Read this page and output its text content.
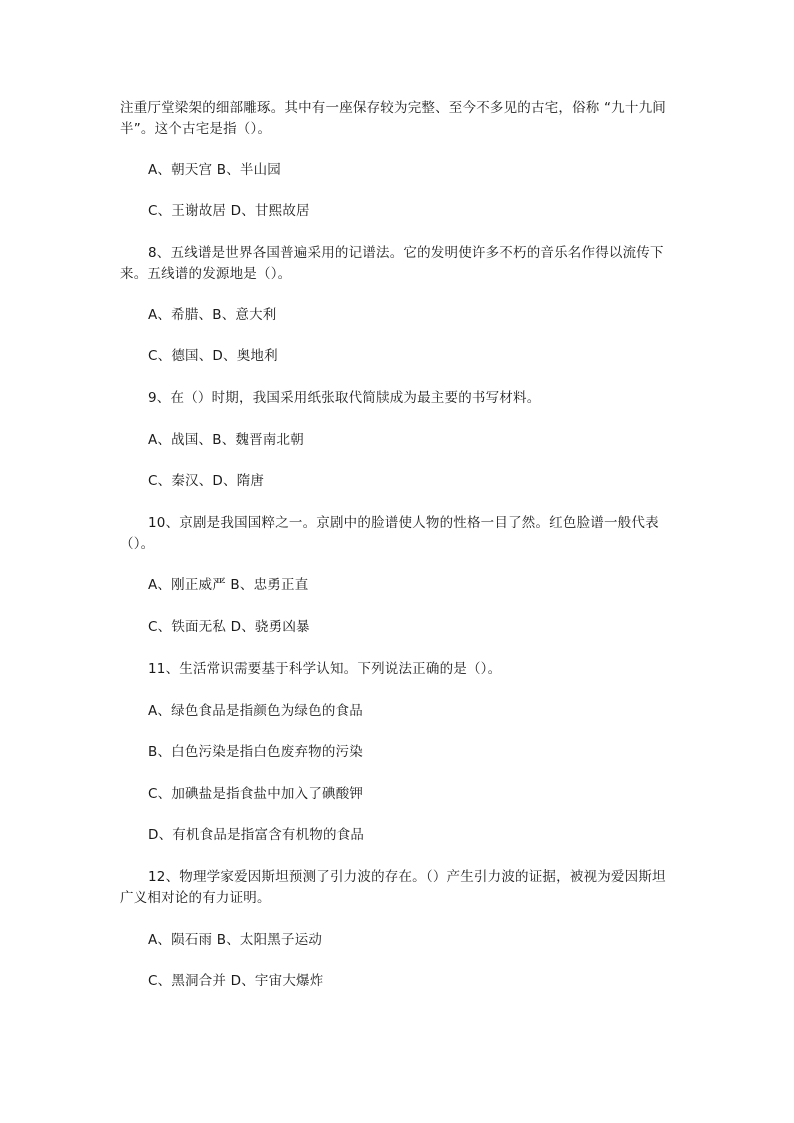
注重厅堂梁架的细部雕琢。其中有一座保存较为完整、至今不多见的古宅，俗称 “九十九间半”。这个古宅是指（）。
A、朝天宫 B、半山园
C、王谢故居 D、甘熙故居
8、五线谱是世界各国普遍采用的记谱法。它的发明使许多不朽的音乐名作得以流传下来。五线谱的发源地是（）。
A、希腊、B、意大利
C、德国、D、奥地利
9、在（）时期，我国采用纸张取代简牍成为最主要的书写材料。
A、战国、B、魏晋南北朝
C、秦汉、D、隋唐
10、京剧是我国国粹之一。京剧中的脸谱使人物的性格一目了然。红色脸谱一般代表（）。
A、刚正威严 B、忠勇正直
C、铁面无私 D、骁勇凶暴
11、生活常识需要基于科学认知。下列说法正确的是（）。
A、绿色食品是指颜色为绿色的食品
B、白色污染是指白色废弃物的污染
C、加碘盐是指食盐中加入了碘酸钾
D、有机食品是指富含有机物的食品
12、物理学家爱因斯坦预测了引力波的存在。（）产生引力波的证据，被视为爱因斯坦广义相对论的有力证明。
A、陨石雨 B、太阳黑子运动
C、黑洞合并 D、宇宙大爆炸
